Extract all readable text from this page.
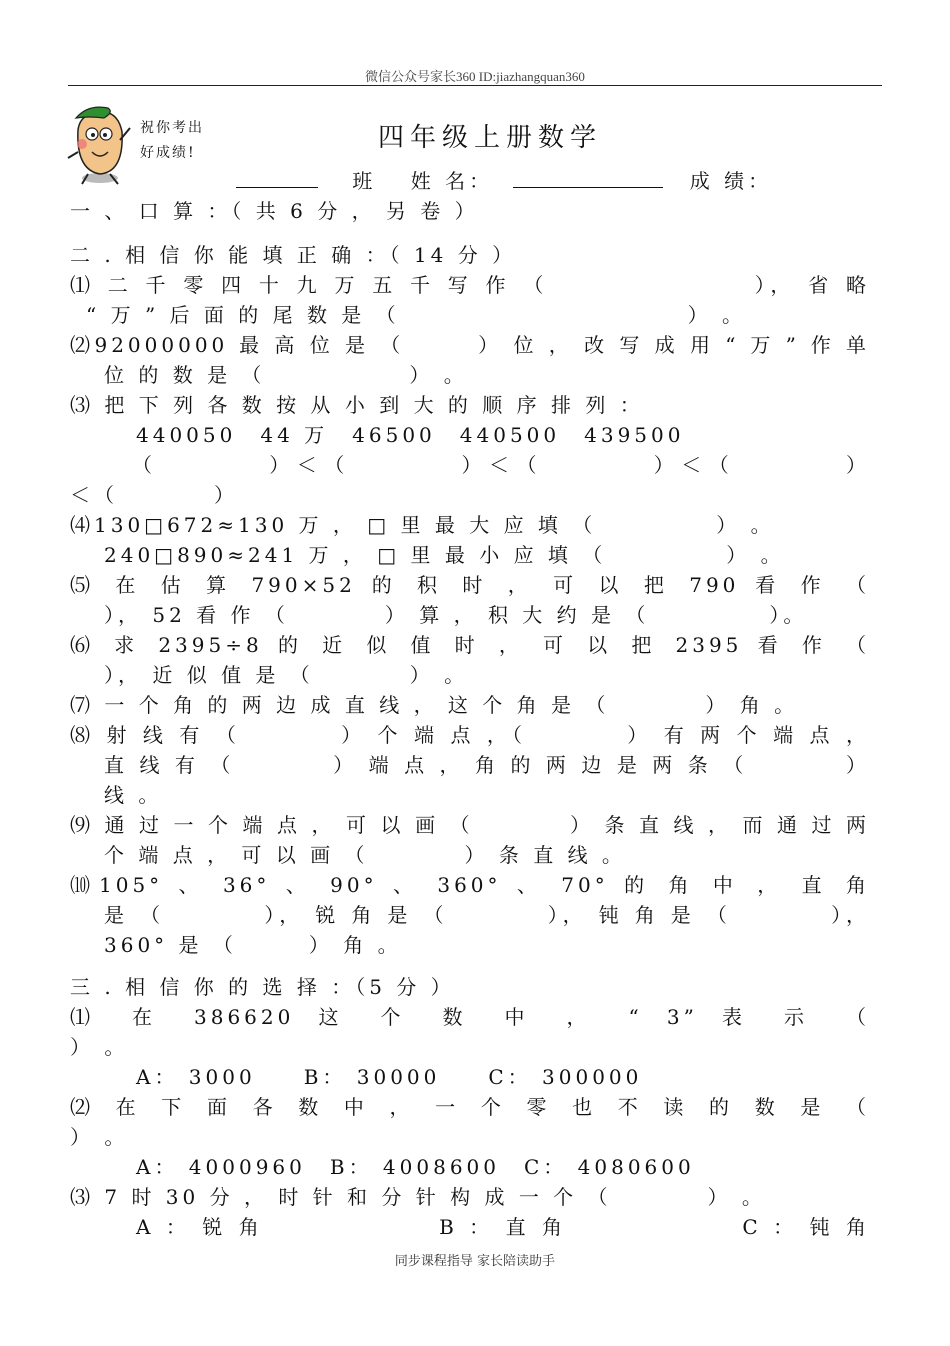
微信公众号家长360 ID:jiazhangquan360
祝你考出
好成绩!	四年级上册数学
班 姓 名：	成 绩：
一 、 口 算 ：（ 共 6 分 ， 另 卷 ）
二 . 相 信 你 能 填 正 确 ：（ 14 分 ）
⑴ 二 千 零 四 十 九 万 五 千 写 作 （　　　　　　　　）， 省 略
“ 万 ” 后 面 的 尾 数 是 （　　　　　　　　　　　　） 。
⑵92000000 最 高 位 是 （　　　） 位 ， 改 写 成 用 “ 万 ” 作 单
位 的 数 是 （　　　　　　） 。
⑶ 把 下 列 各 数 按 从 小 到 大 的 顺 序 排 列 ：
440050　44 万　46500　440500　439500
（　　　　）＜（　　　　）＜（　　　　）＜（　　　　）
＜（　　　　）
⑷130□672≈130 万 ， □ 里 最 大 应 填 （　　　　　） 。
240□890≈241 万 ， □ 里 最 小 应 填 （　　　　　） 。
⑸ 在 估 算 790×52 的 积 时 ， 可 以 把 790 看 作 （
）， 52 看 作 （　　　　） 算 ， 积 大 约 是 （　　　　　）。
⑹ 求 2395÷8 的 近 似 值 时 ， 可 以 把 2395 看 作 （
）， 近 似 值 是 （　　　　） 。
⑺ 一 个 角 的 两 边 成 直 线 ， 这 个 角 是 （　　　　） 角 。
⑻ 射 线 有 （　　　　） 个 端 点 ，（　　　　） 有 两 个 端 点 ，
直 线 有 （　　　　） 端 点 ， 角 的 两 边 是 两 条 （　　　　）
线 。
⑼ 通 过 一 个 端 点 ， 可 以 画 （　　　　） 条 直 线 ， 而 通 过 两
个 端 点 ， 可 以 画 （　　　　） 条 直 线 。
⑽105° 、 36° 、 90° 、 360° 、 70° 的 角 中 ， 直 角
是 （　　　　）， 锐 角 是 （　　　　）， 钝 角 是 （　　　　），
360° 是 （　　　） 角 。
三 . 相 信 你 的 选 择 ：（5 分 ）
⑴ 在 386620 这 个 数 中 ， “ 3” 表 示 （
） 。
A： 3000　　B： 30000　　C： 300000
⑵ 在 下 面 各 数 中 ， 一 个 零 也 不 读 的 数 是 （
） 。
A： 4000960　B： 4008600　C： 4080600
⑶ 7 时 30 分 ， 时 针 和 分 针 构 成 一 个 （　　　　） 。
A ： 锐 角　　　　　　　B ： 直 角　　　　　　　C ： 钝 角
同步课程指导 家长陪读助手
